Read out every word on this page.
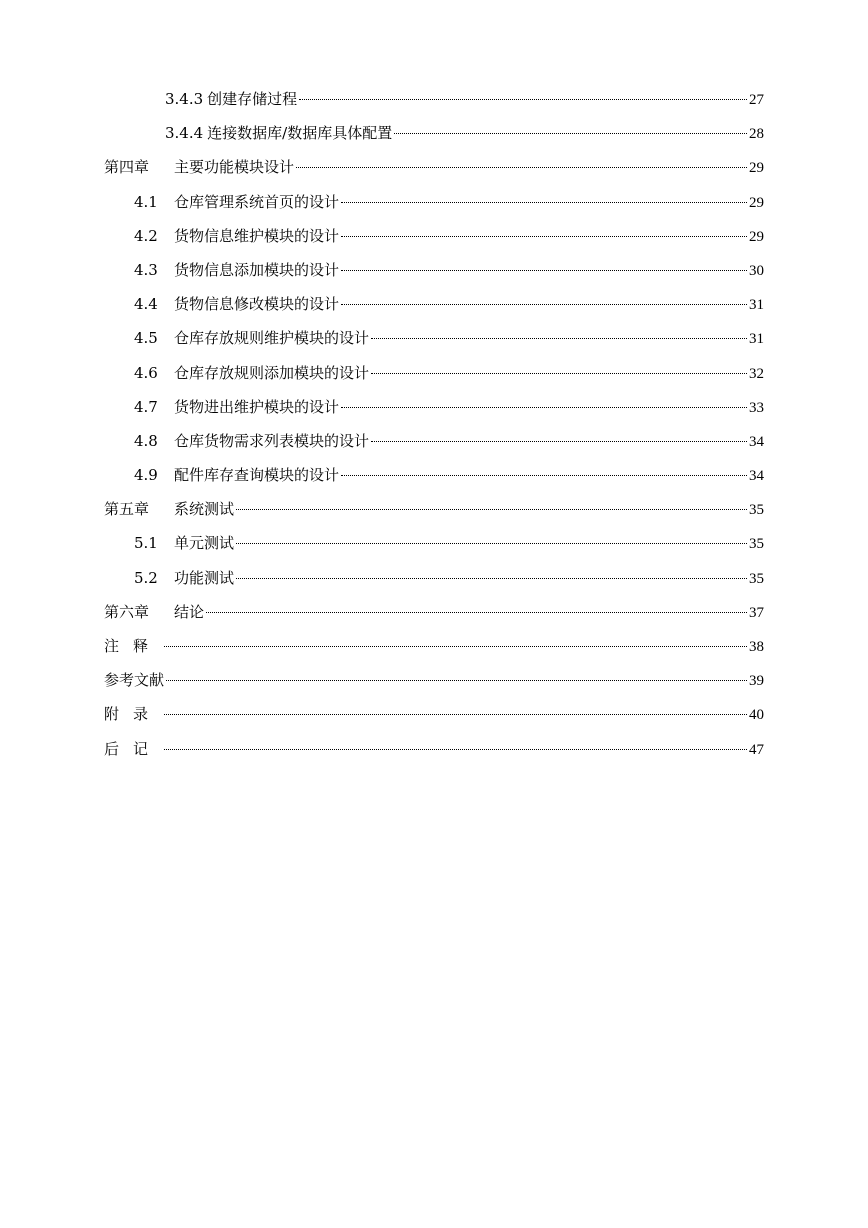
3.4.3 创建存储过程	27
3.4.4 连接数据库/数据库具体配置	28
第四章	主要功能模块设计	29
4.1	仓库管理系统首页的设计	29
4.2	货物信息维护模块的设计	29
4.3	货物信息添加模块的设计	30
4.4	货物信息修改模块的设计	31
4.5	仓库存放规则维护模块的设计	31
4.6	仓库存放规则添加模块的设计	32
4.7	货物进出维护模块的设计	33
4.8	仓库货物需求列表模块的设计	34
4.9	配件库存查询模块的设计	34
第五章	系统测试	35
5.1	单元测试	35
5.2	功能测试	35
第六章	结论	37
注释	38
参考文献	39
附录	40
后记	47
